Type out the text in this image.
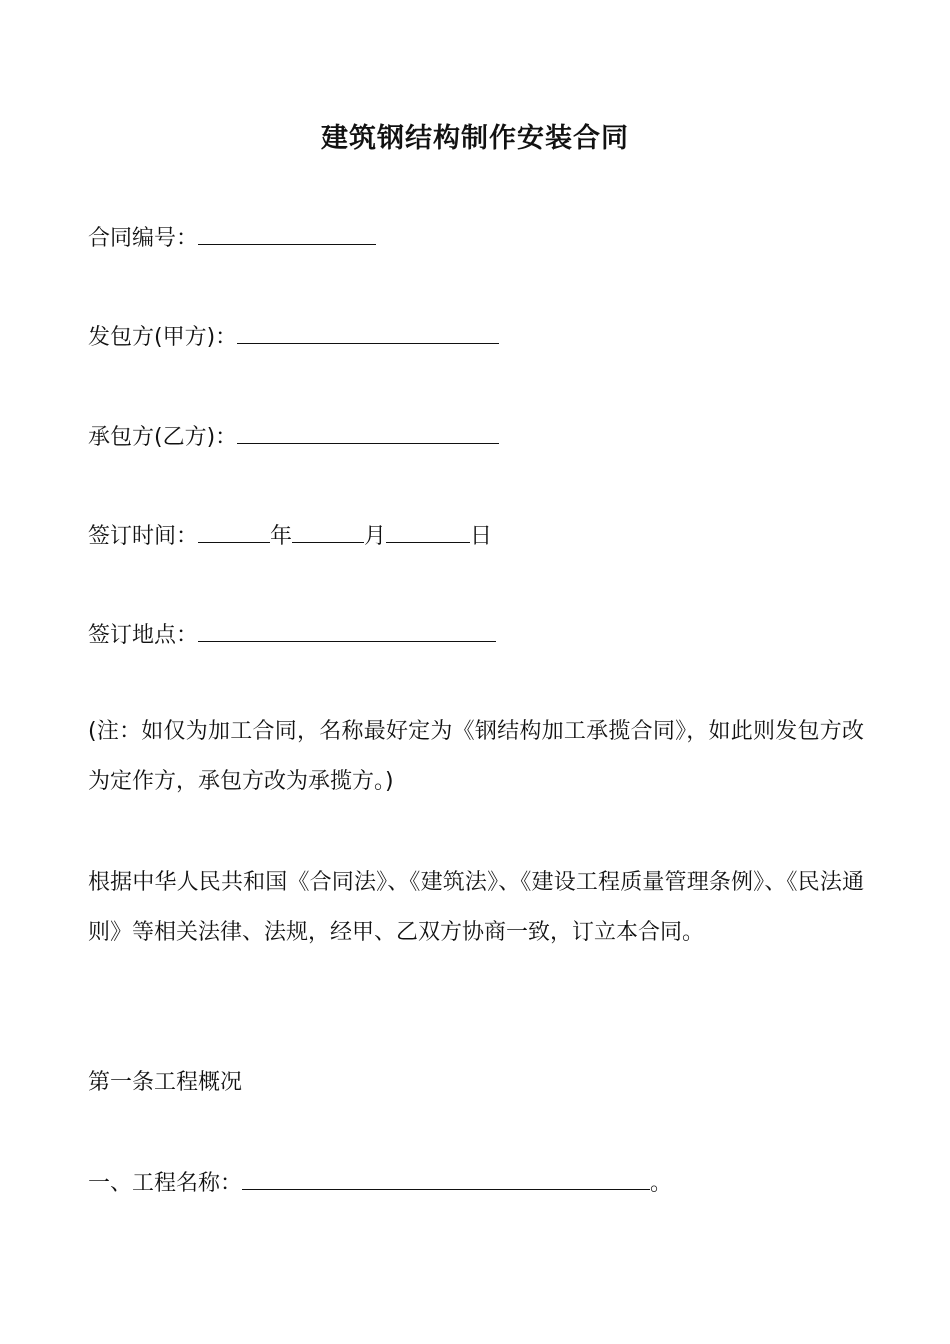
建筑钢结构制作安装合同
合同编号：
发包方(甲方)：
承包方(乙方)：
签订时间：	年	月	日
签订地点：
(注：如仅为加工合同，名称最好定为《钢结构加工承揽合同》，如此则发包方改为定作方，承包方改为承揽方。)
根据中华人民共和国《合同法》、《建筑法》、《建设工程质量管理条例》、《民法通则》等相关法律、法规，经甲、乙双方协商一致，订立本合同。
第一条工程概况
一、工程名称：	。
